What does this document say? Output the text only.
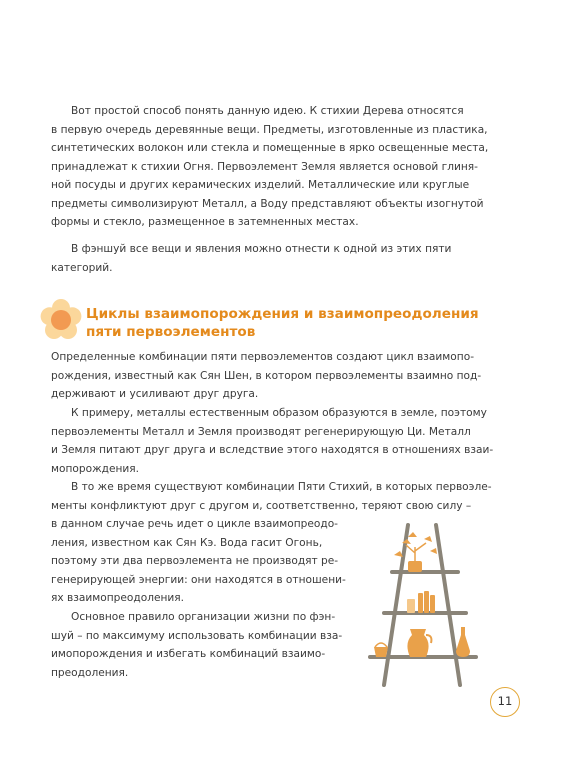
Вот простой способ понять данную идею. К стихии Дерева относятся
в первую очередь деревянные вещи. Предметы, изготовленные из пластика,
синтетических волокон или стекла и помещенные в ярко освещенные места,
принадлежат к стихии Огня. Первоэлемент Земля является основой глиня-
ной посуды и других керамических изделий. Металлические или круглые
предметы символизируют Металл, а Воду представляют объекты изогнутой
формы и стекло, размещенное в затемненных местах.
В фэншуй все вещи и явления можно отнести к одной из этих пяти
категорий.
Циклы взаимопорождения и взаимопреодоления
пяти первоэлементов
Определенные комбинации пяти первоэлементов создают цикл взаимопо-
рождения, известный как Сян Шен, в котором первоэлементы взаимно под-
держивают и усиливают друг друга.
К примеру, металлы естественным образом образуются в земле, поэтому
первоэлементы Металл и Земля производят регенерирующую Ци. Металл
и Земля питают друг друга и вследствие этого находятся в отношениях взаи-
мопорождения.
В то же время существуют комбинации Пяти Стихий, в которых первоэле-
менты конфликтуют друг с другом и, соответственно, теряют свою силу –
в данном случае речь идет о цикле взаимопреодо-
ления, известном как Сян Кэ. Вода гасит Огонь,
поэтому эти два первоэлемента не производят ре-
генерирующей энергии: они находятся в отношени-
ях взаимопреодоления.
Основное правило организации жизни по фэн-
шуй – по максимуму использовать комбинации вза-
имопорождения и избегать комбинаций взаимо-
преодоления.
11
